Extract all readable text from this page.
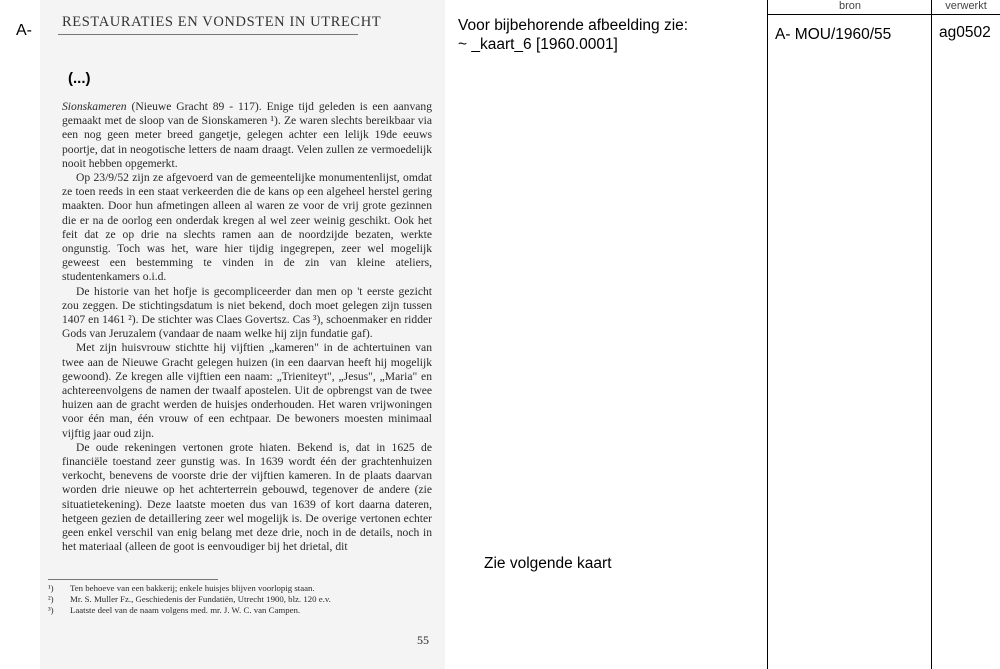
A- RESTAURATIES EN VONDSTEN IN UTRECHT
(...)

Sionskameren (Nieuwe Gracht 89 - 117). Enige tijd geleden is een aanvang gemaakt met de sloop van de Sionskameren ¹). Ze waren slechts bereikbaar via een nog geen meter breed gangetje, gelegen achter een lelijk 19de eeuws poortje, dat in neogotische letters de naam draagt. Velen zullen ze vermoedelijk nooit hebben opgemerkt.

Op 23/9/52 zijn ze afgevoerd van de gemeentelijke monumentenlijst, omdat ze toen reeds in een staat verkeerden die de kans op een algeheel herstel gering maakten. Door hun afmetingen alleen al waren ze voor de vrij grote gezinnen die er na de oorlog een onderdak kregen al wel zeer weinig geschikt. Ook het feit dat ze op drie na slechts ramen aan de noordzijde bezaten, werkte ongunstig. Toch was het, ware hier tijdig ingegrepen, zeer wel mogelijk geweest een bestemming te vinden in de zin van kleine ateliers, studentenkamers o.i.d.

De historie van het hofje is gecompliceerder dan men op 't eerste gezicht zou zeggen. De stichtingsdatum is niet bekend, doch moet gelegen zijn tussen 1407 en 1461 ²). De stichter was Claes Govertsz. Cas ³), schoenmaker en ridder Gods van Jeruzalem (vandaar de naam welke hij zijn fundatie gaf).

Met zijn huisvrouw stichtte hij vijftien „kameren" in de achtertuinen van twee aan de Nieuwe Gracht gelegen huizen (in een daarvan heeft hij mogelijk gewoond). Ze kregen alle vijftien een naam: „Trieniteyt", „Jesus", „Maria" en achtereenvolgens de namen der twaalf apostelen. Uit de opbrengst van de twee huizen aan de gracht werden de huisjes onderhouden. Het waren vrijwoningen voor één man, één vrouw of een echtpaar. De bewoners moesten minimaal vijftig jaar oud zijn.

De oude rekeningen vertonen grote hiaten. Bekend is, dat in 1625 de financiële toestand zeer gunstig was. In 1639 wordt één der grachtenhuizen verkocht, benevens de voorste drie der vijftien kameren. In de plaats daarvan worden drie nieuwe op het achterterrein gebouwd, tegenover de andere (zie situatietekening). Deze laatste moeten dus van 1639 of kort daarna dateren, hetgeen gezien de detaillering zeer wel mogelijk is. De overige vertonen echter geen enkel verschil van enig belang met deze drie, noch in de details, noch in het materiaal (alleen de goot is eenvoudiger bij het drietal, dit

¹)	Ten behoeve van een bakkerij; enkele huisjes blijven voorlopig staan.
²)	Mr. S. Muller Fz., Geschiedenis der Fundatiën, Utrecht 1900, blz. 120 e.v.
³)	Laatste deel van de naam volgens med. mr. J. W. C. van Campen.
55
Voor bijbehorende afbeelding zie:
~ _kaart_6 [1960.0001]
Zie volgende kaart
bron	verwerkt
A- MOU/1960/55	ag0502
